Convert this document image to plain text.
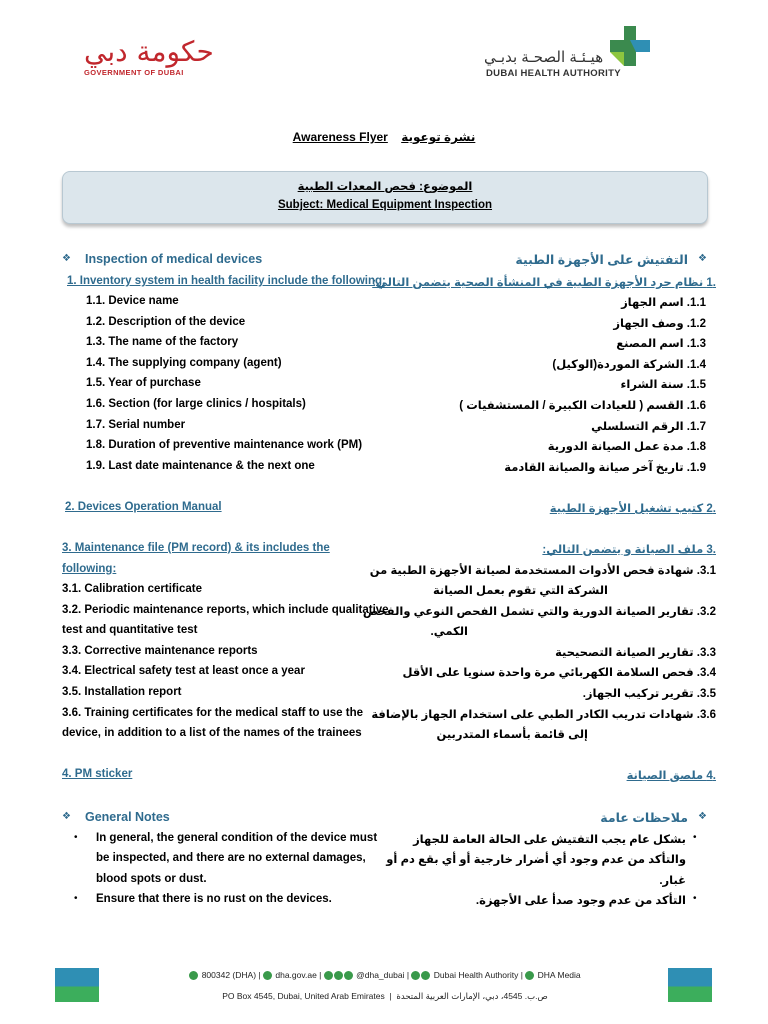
حكومة دبي
GOVERNMENT OF DUBAI
هيـئـة الصحـة بدبـي
DUBAI HEALTH AUTHORITY
Awareness Flyer نشرة توعوية
الموضوع: فحص المعدات الطبية
Subject: Medical Equipment Inspection
❖ Inspection of medical devices	التفتيش على الأجهزة الطبية ❖
1. Inventory system in health facility include the following:
.1 نظام حرد الأجهزة الطبية في المنشأة الصحية يتضمن التالي:
1.1. Device name
1.2. Description of the device
1.3. The name of the factory
1.4. The supplying company (agent)
1.5. Year of purchase
1.6. Section (for large clinics / hospitals)
1.7. Serial number
1.8. Duration of preventive maintenance work (PM)
1.9. Last date maintenance & the next one
1.1. اسم الجهاز
1.2. وصف الجهاز
1.3. اسم المصنع
1.4. الشركة الموردة(الوكيل)
1.5. سنة الشراء
1.6. القسم ( للعيادات الكبيرة / المستشفيات )
1.7. الرقم التسلسلي
1.8. مدة عمل الصيانة الدورية
1.9. تاريخ آخر صيانة والصيانة القادمة
2. Devices Operation Manual	.2 كتيب تشغيل الأجهزة الطبية
3. Maintenance file (PM record) & its includes the
following:
.3 ملف الصيانة و يتضمن التالي:
3.1. Calibration certificate
3.2. Periodic maintenance reports, which include qualitative
test and quantitative test
3.3. Corrective maintenance reports
3.4. Electrical safety test at least once a year
3.5. Installation report
3.6. Training certificates for the medical staff to use the
device, in addition to a list of the names of the trainees
3.1. شهادة فحص الأدوات المستخدمة لصيانة الأجهزة الطبية من
الشركة التي تقوم بعمل الصيانة
3.2. تقارير الصيانة الدورية والتي تشمل الفحص النوعي والفحص
الكمي.
3.3. تقارير الصيانة التصحيحية
3.4. فحص السلامة الكهربائي مرة واحدة سنويا على الأقل
3.5. تقرير تركيب الجهاز.
3.6. شهادات تدريب الكادر الطبي على استخدام الجهاز بالإضافة
إلى قائمة بأسماء المتدربين
4. PM sticker	.4 ملصق الصيانة
❖ General Notes	ملاحظات عامة ❖
• In general, the general condition of the device must
be inspected, and there are no external damages,
blood spots or dust.
• Ensure that there is no rust on the devices.
بشكل عام يجب التفتيش على الحالة العامة للجهاز •
والتأكد من عدم وجود أي أضرار خارجية أو أي بقع دم أو
غبار.
التأكد من عدم وجود صدأ على الأجهزة. •
800342 (DHA) |  dha.gov.ae |	@dha_dubai |	Dubai Health Authority |  DHA Media
PO Box 4545, Dubai, United Arab Emirates  |  ص.ب. 4545، دبي، الإمارات العربية المتحدة
